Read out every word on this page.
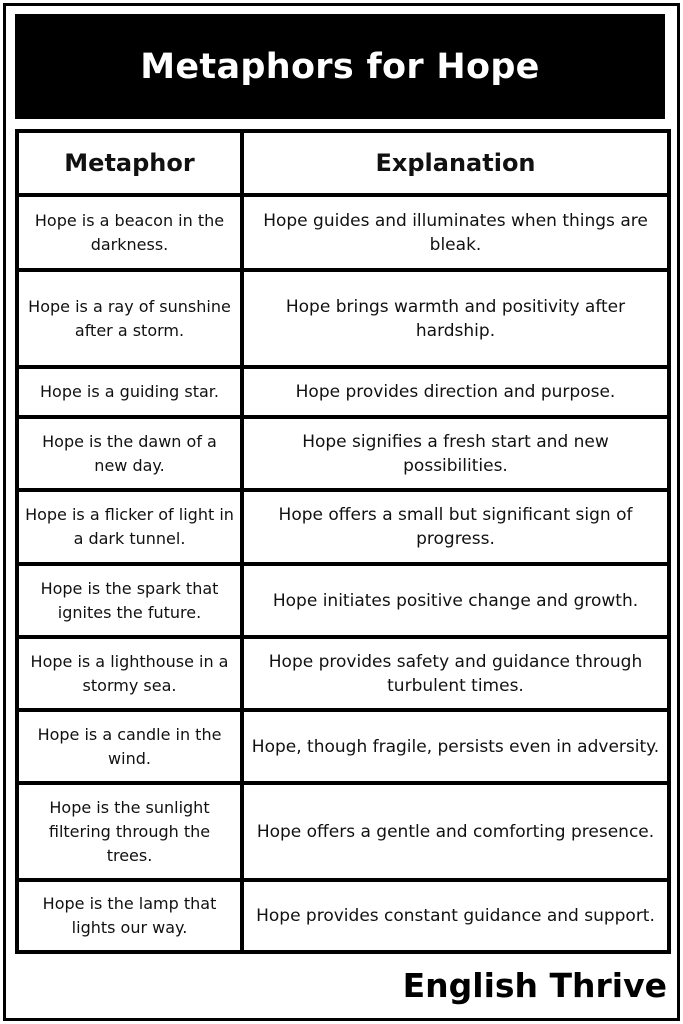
Metaphors for Hope
Metaphor	Explanation
Hope is a beacon in the darkness.	Hope guides and illuminates when things are bleak.
Hope is a ray of sunshine after a storm.	Hope brings warmth and positivity after hardship.
Hope is a guiding star.	Hope provides direction and purpose.
Hope is the dawn of a new day.	Hope signifies a fresh start and new possibilities.
Hope is a flicker of light in a dark tunnel.	Hope offers a small but significant sign of progress.
Hope is the spark that ignites the future.	Hope initiates positive change and growth.
Hope is a lighthouse in a stormy sea.	Hope provides safety and guidance through turbulent times.
Hope is a candle in the wind.	Hope, though fragile, persists even in adversity.
Hope is the sunlight filtering through the trees.	Hope offers a gentle and comforting presence.
Hope is the lamp that lights our way.	Hope provides constant guidance and support.
English Thrive
